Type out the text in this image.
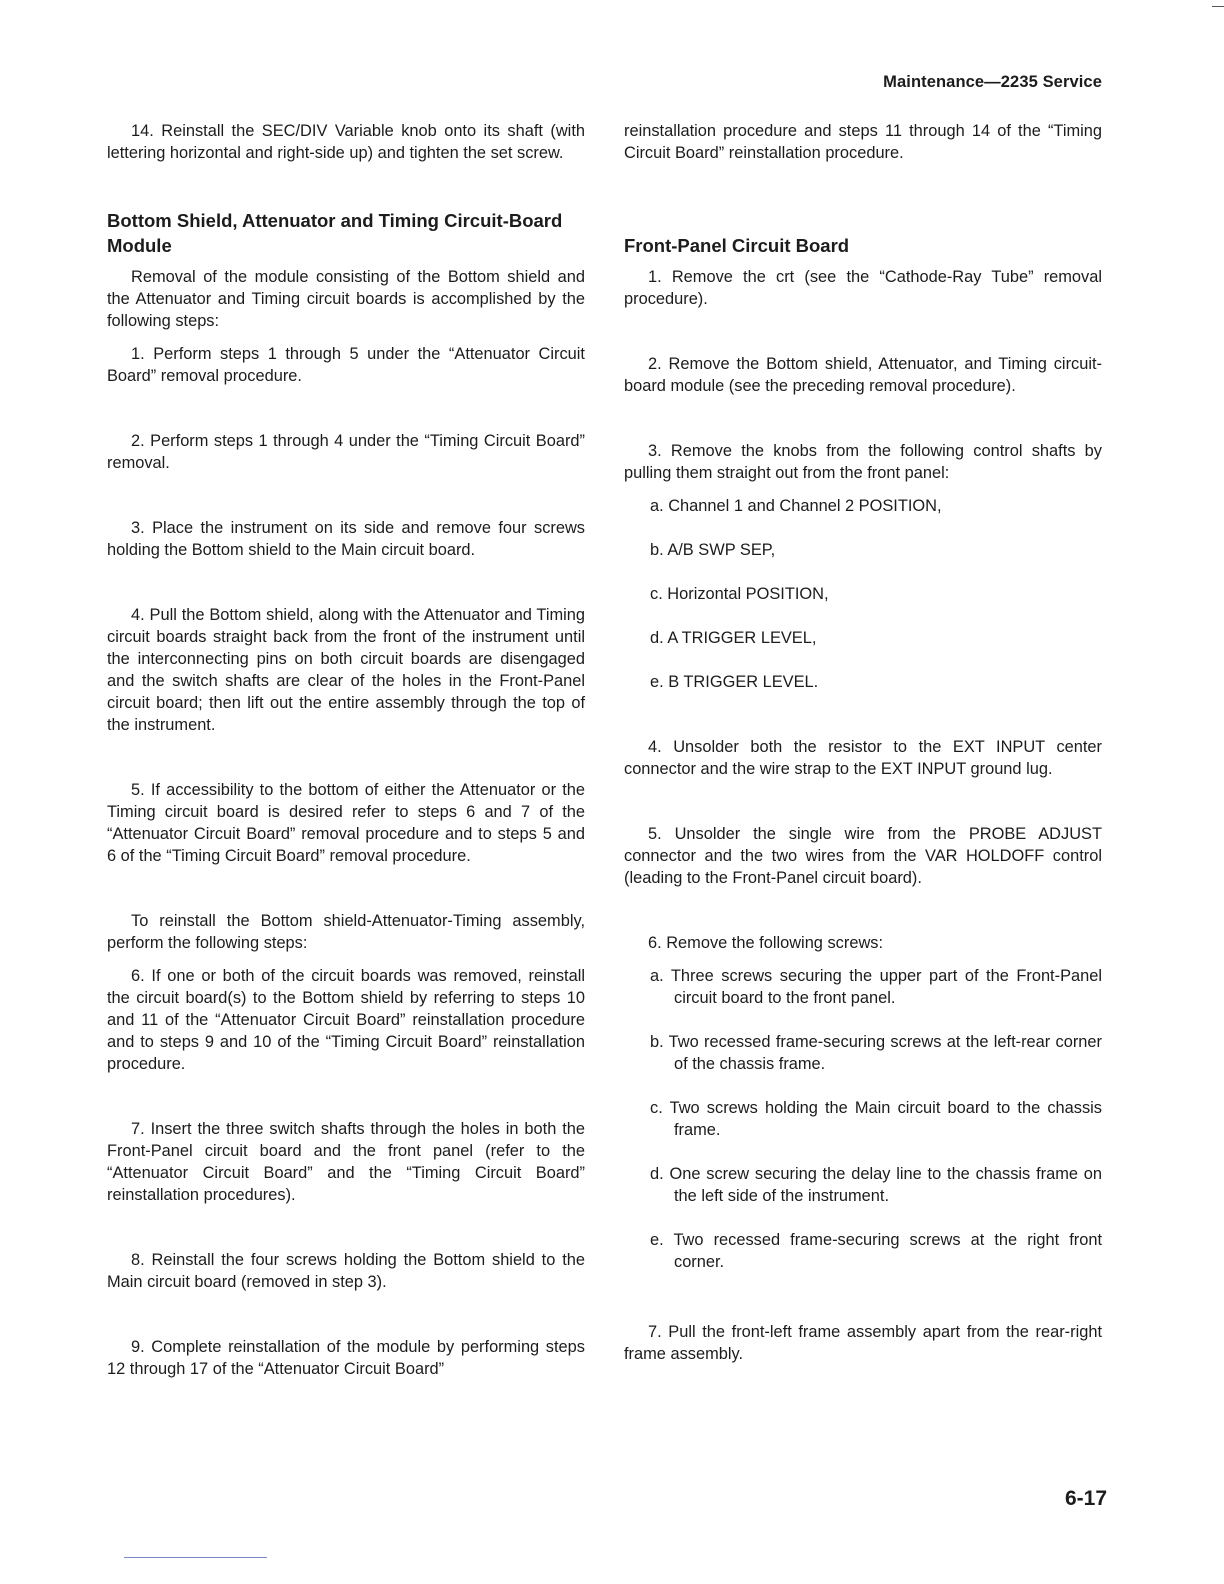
Maintenance—2235 Service

14. Reinstall the SEC/DIV Variable knob onto its shaft (with lettering horizontal and right-side up) and tighten the set screw.

Bottom Shield, Attenuator and Timing Circuit-Board Module

Removal of the module consisting of the Bottom shield and the Attenuator and Timing circuit boards is accomplished by the following steps:

1. Perform steps 1 through 5 under the “Attenuator Circuit Board” removal procedure.

2. Perform steps 1 through 4 under the “Timing Circuit Board” removal.

3. Place the instrument on its side and remove four screws holding the Bottom shield to the Main circuit board.

4. Pull the Bottom shield, along with the Attenuator and Timing circuit boards straight back from the front of the instrument until the interconnecting pins on both circuit boards are disengaged and the switch shafts are clear of the holes in the Front-Panel circuit board; then lift out the entire assembly through the top of the instrument.

5. If accessibility to the bottom of either the Attenuator or the Timing circuit board is desired refer to steps 6 and 7 of the “Attenuator Circuit Board” removal procedure and to steps 5 and 6 of the “Timing Circuit Board” removal procedure.

To reinstall the Bottom shield-Attenuator-Timing assembly, perform the following steps:

6. If one or both of the circuit boards was removed, reinstall the circuit board(s) to the Bottom shield by referring to steps 10 and 11 of the “Attenuator Circuit Board” reinstallation procedure and to steps 9 and 10 of the “Timing Circuit Board” reinstallation procedure.

7. Insert the three switch shafts through the holes in both the Front-Panel circuit board and the front panel (refer to the “Attenuator Circuit Board” and the “Timing Circuit Board” reinstallation procedures).

8. Reinstall the four screws holding the Bottom shield to the Main circuit board (removed in step 3).

9. Complete reinstallation of the module by performing steps 12 through 17 of the “Attenuator Circuit Board”

reinstallation procedure and steps 11 through 14 of the “Timing Circuit Board” reinstallation procedure.

Front-Panel Circuit Board

1. Remove the crt (see the “Cathode-Ray Tube” removal procedure).

2. Remove the Bottom shield, Attenuator, and Timing circuit-board module (see the preceding removal procedure).

3. Remove the knobs from the following control shafts by pulling them straight out from the front panel:

a. Channel 1 and Channel 2 POSITION,

b. A/B SWP SEP,

c. Horizontal POSITION,

d. A TRIGGER LEVEL,

e. B TRIGGER LEVEL.

4. Unsolder both the resistor to the EXT INPUT center connector and the wire strap to the EXT INPUT ground lug.

5. Unsolder the single wire from the PROBE ADJUST connector and the two wires from the VAR HOLDOFF control (leading to the Front-Panel circuit board).

6. Remove the following screws:

a. Three screws securing the upper part of the Front-Panel circuit board to the front panel.

b. Two recessed frame-securing screws at the left-rear corner of the chassis frame.

c. Two screws holding the Main circuit board to the chassis frame.

d. One screw securing the delay line to the chassis frame on the left side of the instrument.

e. Two recessed frame-securing screws at the right front corner.

7. Pull the front-left frame assembly apart from the rear-right frame assembly.

6-17
